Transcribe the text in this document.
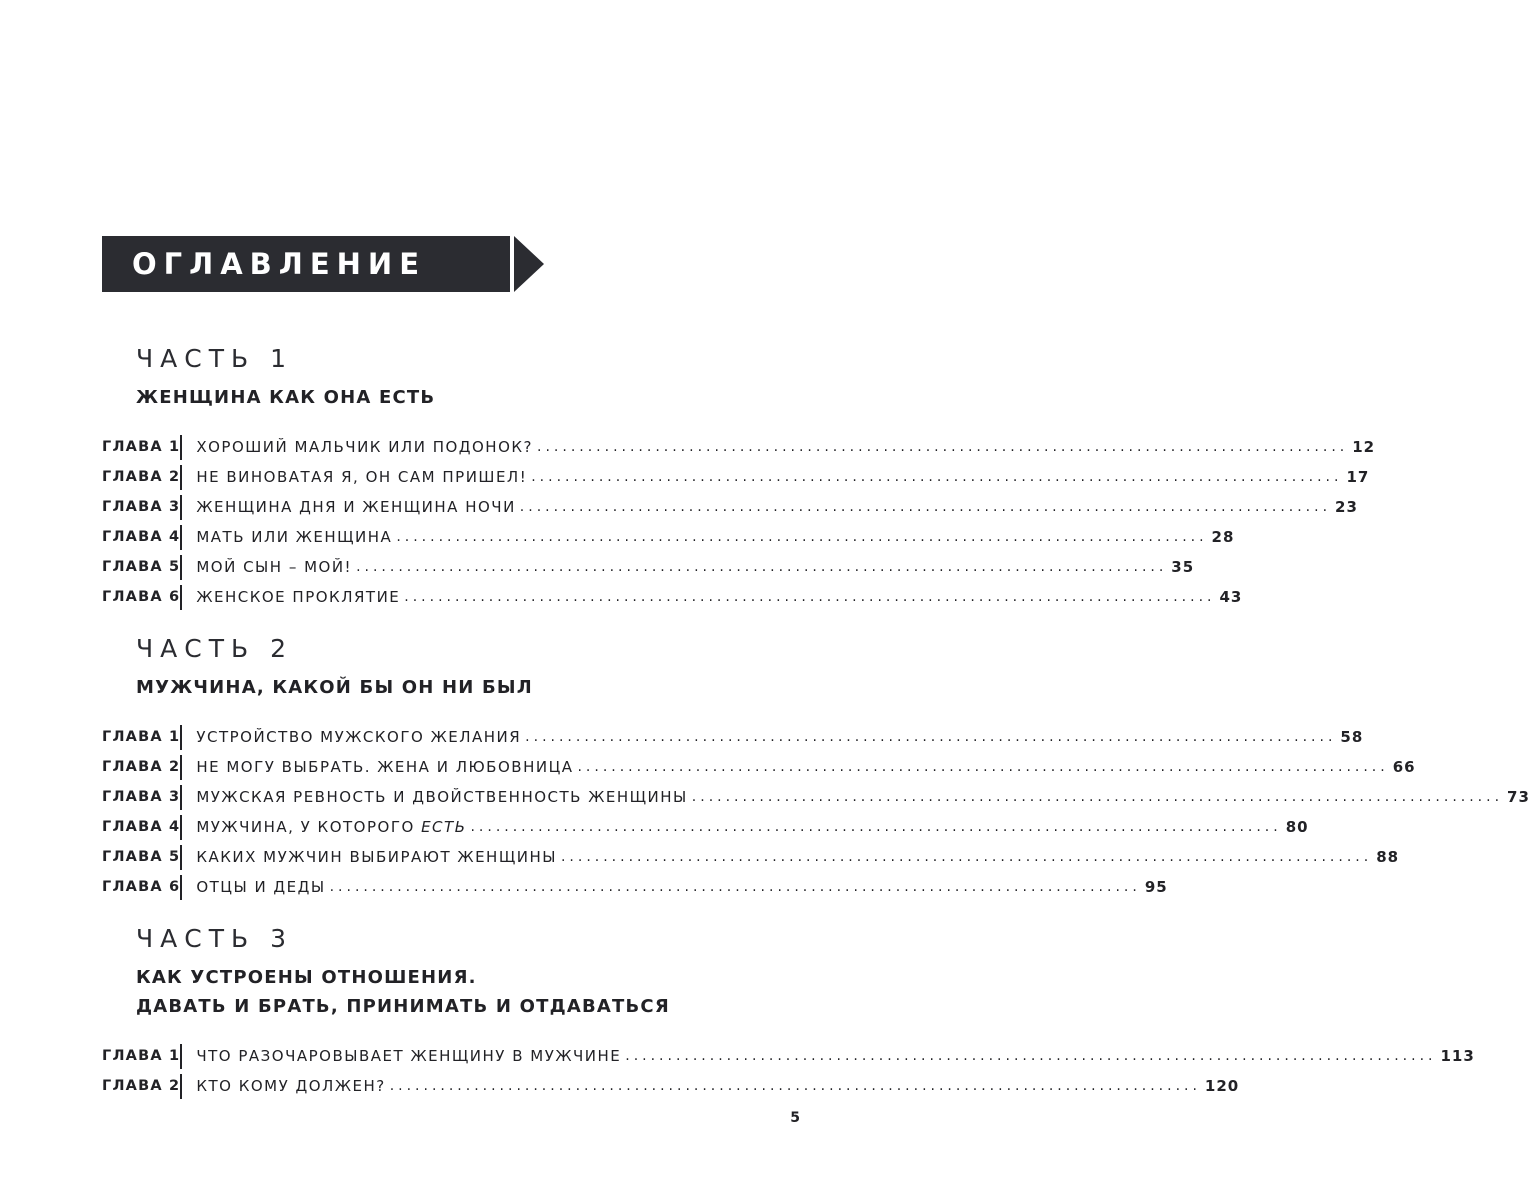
ОГЛАВЛЕНИЕ
ЧАСТЬ 1
ЖЕНЩИНА КАК ОНА ЕСТЬ
ГЛАВА 1 ХОРОШИЙ МАЛЬЧИК ИЛИ ПОДОНОК? ................................................................................................ 12
ГЛАВА 2 НЕ ВИНОВАТАЯ Я, ОН САМ ПРИШЕЛ! ................................................................................................ 17
ГЛАВА 3 ЖЕНЩИНА ДНЯ И ЖЕНЩИНА НОЧИ ................................................................................................ 23
ГЛАВА 4 МАТЬ ИЛИ ЖЕНЩИНА ................................................................................................ 28
ГЛАВА 5 МОЙ СЫН – МОЙ! ................................................................................................ 35
ГЛАВА 6 ЖЕНСКОЕ ПРОКЛЯТИЕ ................................................................................................ 43
ЧАСТЬ 2
МУЖЧИНА, КАКОЙ БЫ ОН НИ БЫЛ
ГЛАВА 1 УСТРОЙСТВО МУЖСКОГО ЖЕЛАНИЯ ................................................................................................ 58
ГЛАВА 2 НЕ МОГУ ВЫБРАТЬ. ЖЕНА И ЛЮБОВНИЦА ................................................................................................ 66
ГЛАВА 3 МУЖСКАЯ РЕВНОСТЬ И ДВОЙСТВЕННОСТЬ ЖЕНЩИНЫ ................................................................................................ 73
ГЛАВА 4 МУЖЧИНА, У КОТОРОГО ЕСТЬ ................................................................................................ 80
ГЛАВА 5 КАКИХ МУЖЧИН ВЫБИРАЮТ ЖЕНЩИНЫ ................................................................................................ 88
ГЛАВА 6 ОТЦЫ И ДЕДЫ ................................................................................................ 95
ЧАСТЬ 3
КАК УСТРОЕНЫ ОТНОШЕНИЯ.
ДАВАТЬ И БРАТЬ, ПРИНИМАТЬ И ОТДАВАТЬСЯ
ГЛАВА 1 ЧТО РАЗОЧАРОВЫВАЕТ ЖЕНЩИНУ В МУЖЧИНЕ ................................................................................................ 113
ГЛАВА 2 КТО КОМУ ДОЛЖЕН? ................................................................................................ 120
5
